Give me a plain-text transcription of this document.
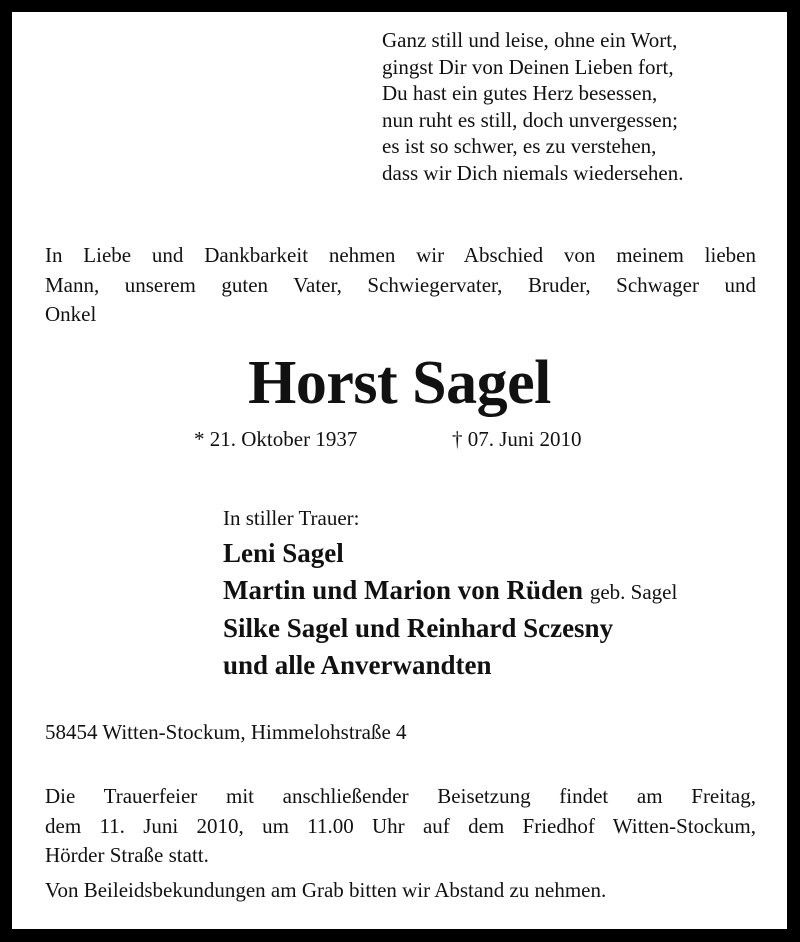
Ganz still und leise, ohne ein Wort,
gingst Dir von Deinen Lieben fort,
Du hast ein gutes Herz besessen,
nun ruht es still, doch unvergessen;
es ist so schwer, es zu verstehen,
dass wir Dich niemals wiedersehen.
In Liebe und Dankbarkeit nehmen wir Abschied von meinem lieben
Mann, unserem guten Vater, Schwiegervater, Bruder, Schwager und
Onkel
Horst Sagel
* 21. Oktober 1937	† 07. Juni 2010
In stiller Trauer:
Leni Sagel
Martin und Marion von Rüden geb. Sagel
Silke Sagel und Reinhard Sczesny
und alle Anverwandten
58454 Witten-Stockum, Himmelohstraße 4
Die Trauerfeier mit anschließender Beisetzung findet am Freitag,
dem 11. Juni 2010, um 11.00 Uhr auf dem Friedhof Witten-Stockum,
Hörder Straße statt.
Von Beileidsbekundungen am Grab bitten wir Abstand zu nehmen.
